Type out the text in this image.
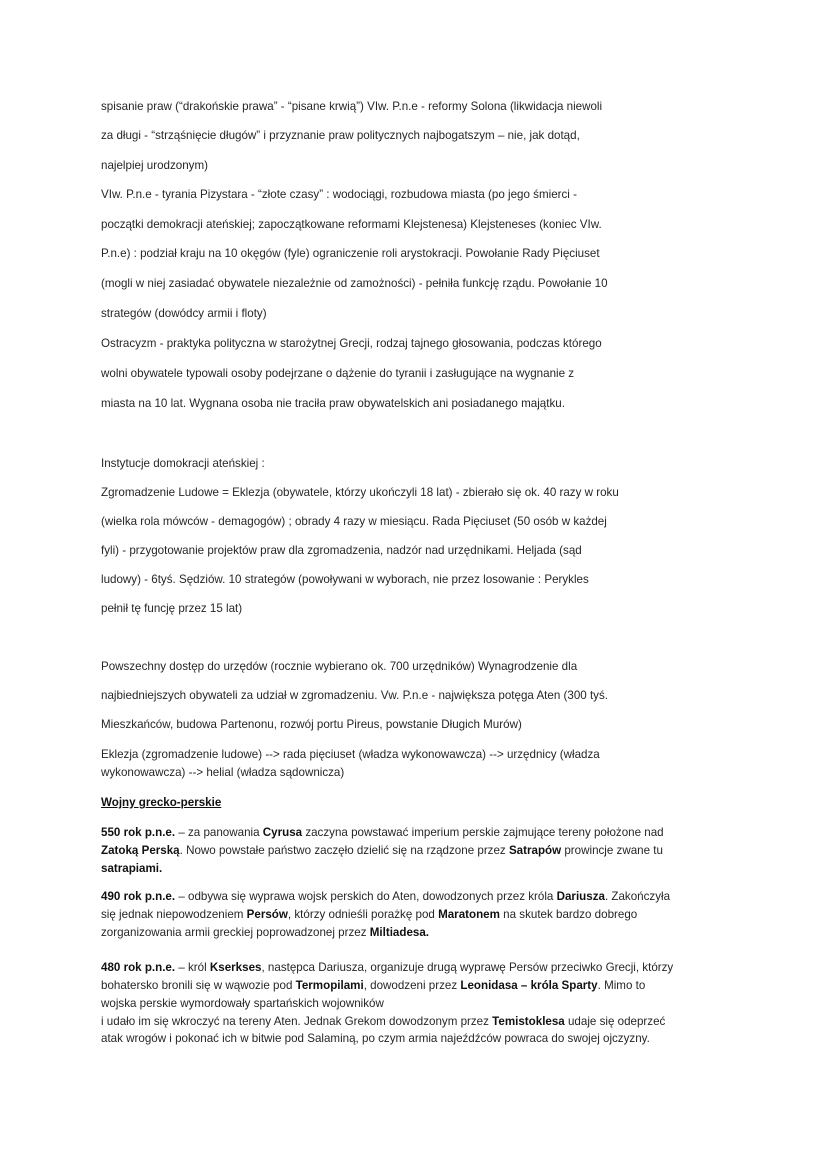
spisanie praw (“drakońskie prawa” - “pisane krwią”) VIw. P.n.e - reformy Solona (likwidacja niewoli
za długi - “strząśnięcie długów” i przyznanie praw politycznych najbogatszym – nie, jak dotąd,
najelpiej urodzonym)
VIw. P.n.e - tyrania Pizystara - “złote czasy” : wodociągi, rozbudowa miasta (po jego śmierci -
początki demokracji ateńskiej; zapoczątkowane reformami Klejstenesa) Klejsteneses (koniec VIw.
P.n.e) : podział kraju na 10 okęgów (fyle) ograniczenie roli arystokracji. Powołanie Rady Pięciuset
(mogli w niej zasiadać obywatele niezależnie od zamożności) - pełniła funkcję rządu. Powołanie 10
strategów (dowódcy armii i floty)
Ostracyzm - praktyka polityczna w starożytnej Grecji, rodzaj tajnego głosowania, podczas którego
wolni obywatele typowali osoby podejrzane o dążenie do tyranii i zasługujące na wygnanie z
miasta na 10 lat. Wygnana osoba nie traciła praw obywatelskich ani posiadanego majątku.
Instytucje domokracji ateńskiej :
Zgromadzenie Ludowe = Eklezja (obywatele, którzy ukończyli 18 lat) - zbierało się ok. 40 razy w roku
(wielka rola mówców - demagogów) ; obrady 4 razy w miesiącu. Rada Pięciuset (50 osób w każdej
fyli) - przygotowanie projektów praw dla zgromadzenia, nadzór nad urzędnikami. Heljada (sąd
ludowy) - 6tyś. Sędziów. 10 strategów (powoływani w wyborach, nie przez losowanie : Perykles
pełnił tę funcję przez 15 lat)
Powszechny dostęp do urzędów (rocznie wybierano ok. 700 urzędników) Wynagrodzenie dla
najbiedniejszych obywateli za udział w zgromadzeniu. Vw. P.n.e - największa potęga Aten (300 tyś.
Mieszkańców, budowa Partenonu, rozwój portu Pireus, powstanie Długich Murów)
Eklezja (zgromadzenie ludowe) --> rada pięciuset (władza wykonowawcza) --> urzędnicy (władza
wykonowawcza) --> helial (władza sądownicza)
Wojny grecko-perskie
550 rok p.n.e. – za panowania Cyrusa zaczyna powstawać imperium perskie zajmujące tereny położone nad
Zatoką Perską. Nowo powstałe państwo zaczęło dzielić się na rządzone przez Satrapów prowincje zwane tu
satrapiami.
490 rok p.n.e. – odbywa się wyprawa wojsk perskich do Aten, dowodzonych przez króla Dariusza. Zakończyła
się jednak niepowodzeniem Persów, którzy odnieśli porażkę pod Maratonem na skutek bardzo dobrego
zorganizowania armii greckiej poprowadzonej przez Miltiadesa.
480 rok p.n.e. – król Kserkses, następca Dariusza, organizuje drugą wyprawę Persów przeciwko Grecji, którzy
bohatersko bronili się w wąwozie pod Termopilami, dowodzeni przez Leonidasa – króla Sparty. Mimo to
wojska perskie wymordowały spartańskich wojowników
i udało im się wkroczyć na tereny Aten. Jednak Grekom dowodzonym przez Temistoklesa udaje się odeprzeć
atak wrogów i pokonać ich w bitwie pod Salaminą, po czym armia najeźdźców powraca do swojej ojczyzny.
